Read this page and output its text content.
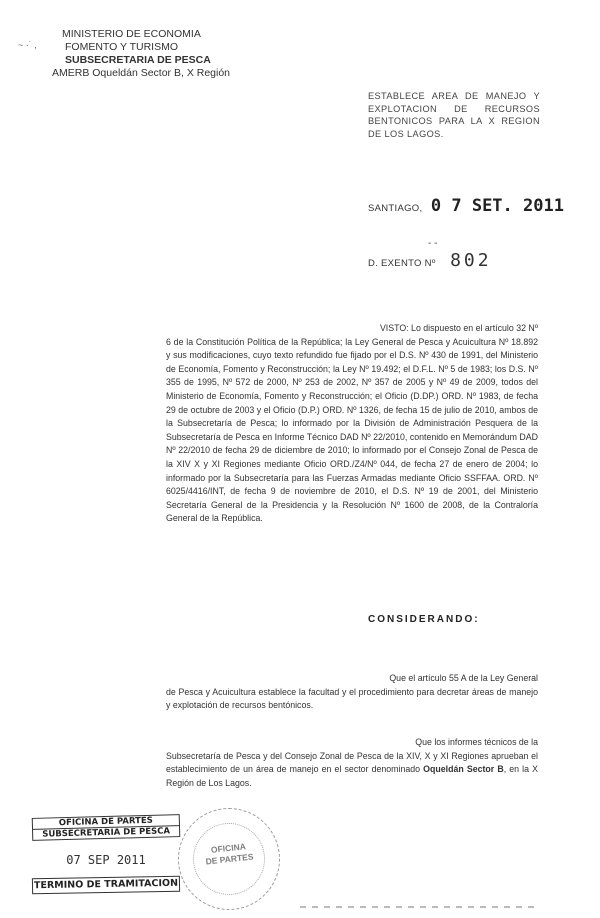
MINISTERIO DE ECONOMIA
FOMENTO Y TURISMO
SUBSECRETARIA DE PESCA
AMERB Oqueldán Sector B, X Región
~ ·˙ ,
ESTABLECE AREA DE MANEJO Y EXPLOTACION DE RECURSOS BENTONICOS PARA LA X REGION DE LOS LAGOS.
SANTIAGO, 0 7 SET. 2011
D. EXENTO Nº 802
- -
VISTO: Lo dispuesto en el artículo 32 Nº
6 de la Constitución Política de la República; la Ley General de Pesca y Acuicultura Nº 18.892 y sus modificaciones, cuyo texto refundido fue fijado por el D.S. Nº 430 de 1991, del Ministerio de Economía, Fomento y Reconstrucción; la Ley Nº 19.492; el D.F.L. Nº 5 de 1983; los D.S. Nº 355 de 1995, Nº 572 de 2000, Nº 253 de 2002, Nº 357 de 2005 y Nº 49 de 2009, todos del Ministerio de Economía, Fomento y Reconstrucción; el Oficio (D.DP.) ORD. Nº 1983, de fecha 29 de octubre de 2003 y el Oficio (D.P.) ORD. Nº 1326, de fecha 15 de julio de 2010, ambos de la Subsecretaría de Pesca; lo informado por la División de Administración Pesquera de la Subsecretaría de Pesca en Informe Técnico DAD Nº 22/2010, contenido en Memorándum DAD Nº 22/2010 de fecha 29 de diciembre de 2010; lo informado por el Consejo Zonal de Pesca de la XIV X y XI Regiones mediante Oficio ORD./Z4/Nº 044, de fecha 27 de enero de 2004; lo informado por la Subsecretaría para las Fuerzas Armadas mediante Oficio SSFFAA. ORD. Nº 6025/4416/INT, de fecha 9 de noviembre de 2010, el D.S. Nº 19 de 2001, del Ministerio Secretaría General de la Presidencia y la Resolución Nº 1600 de 2008, de la Contraloría General de la República.
CONSIDERANDO:
Que el artículo 55 A de la Ley General
de Pesca y Acuicultura establece la facultad y el procedimiento para decretar áreas de manejo y explotación de recursos bentónicos.
Que los informes técnicos de la
Subsecretaría de Pesca y del Consejo Zonal de Pesca de la XIV, X y XI Regiones aprueban el establecimiento de un área de manejo en el sector denominado Oqueldán Sector B, en la X Región de Los Lagos.
OFICINA DE PARTES
SUBSECRETARIA DE PESCA
07 SEP 2011
TERMINO DE TRAMITACION
OFICINA
DE PARTES
